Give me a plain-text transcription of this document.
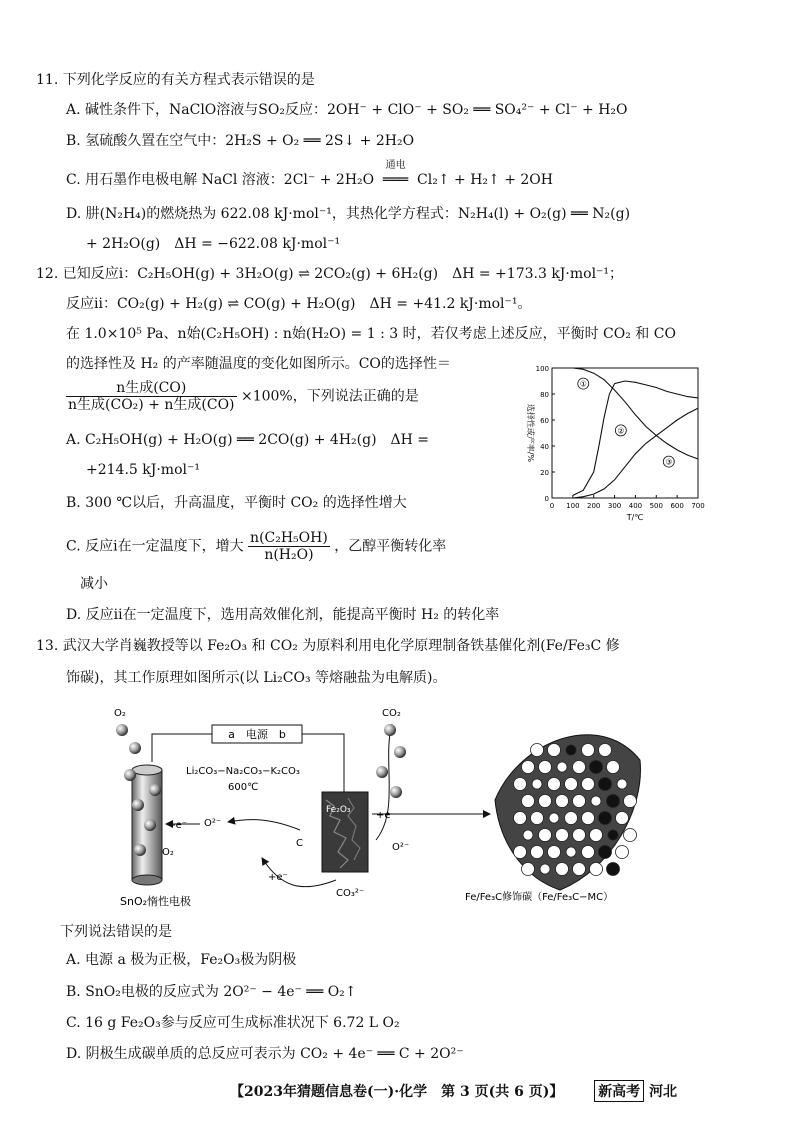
11. 下列化学反应的有关方程式表示错误的是
A. 碱性条件下，NaClO溶液与SO₂反应：2OH⁻ + ClO⁻ + SO₂ ══ SO₄²⁻ + Cl⁻ + H₂O
B. 氢硫酸久置在空气中：2H₂S + O₂ ══ 2S↓ + 2H₂O
C. 用石墨作电极电解 NaCl 溶液：2Cl⁻ + 2H₂O
通电
═══ Cl₂↑ + H₂↑ + 2OH
D. 肼(N₂H₄)的燃烧热为 622.08 kJ·mol⁻¹，其热化学方程式：N₂H₄(l) + O₂(g) ══ N₂(g)
+ 2H₂O(g)　ΔH = −622.08 kJ·mol⁻¹
12. 已知反应ⅰ：C₂H₅OH(g) + 3H₂O(g) ⇌ 2CO₂(g) + 6H₂(g)　ΔH = +173.3 kJ·mol⁻¹；
反应ⅱ：CO₂(g) + H₂(g) ⇌ CO(g) + H₂O(g)　ΔH = +41.2 kJ·mol⁻¹。
在 1.0×10⁵ Pa、n始(C₂H₅OH) : n始(H₂O) = 1 : 3 时，若仅考虑上述反应，平衡时 CO₂ 和 CO
的选择性及 H₂ 的产率随温度的变化如图所示。CO的选择性＝
$\frac{\text{n生成(CO)}}{\text{n生成(CO₂) + n生成(CO)}} \times 100\%$，下列说法正确的是
A. C₂H₅OH(g) + H₂O(g) ══ 2CO(g) + 4H₂(g)　ΔH =
+214.5 kJ·mol⁻¹
B. 300 ℃以后，升高温度，平衡时 CO₂ 的选择性增大
C. 反应ⅰ在一定温度下，增大 $\frac{\text{n(C₂H₅OH)}}{\text{n(H₂O)}}$ ，乙醇平衡转化率
减小
D. 反应ⅱ在一定温度下，选用高效催化剂，能提高平衡时 H₂ 的转化率
0 100 200 300 400 500 600 700
0
20
40
60
80
100
T/℃
选择性或产率/%
①
②
③
13. 武汉大学肖巍教授等以 Fe₂O₃ 和 CO₂ 为原料利用电化学原理制备铁基催化剂(Fe/Fe₃C 修
饰碳)，其工作原理如图所示(以 Li₂CO₃ 等熔融盐为电解质)。
a　电源　b
O₂
O₂
SnO₂惰性电极
Li₂CO₃−Na₂CO₃−K₂CO₃
600℃
-e⁻ O²⁻
C
+e⁻
CO₃²⁻
Fe₂O₃
CO₂
+e
O²⁻
Fe/Fe₃C修饰碳（Fe/Fe₃C−MC）
下列说法错误的是
A. 电源 a 极为正极，Fe₂O₃极为阴极
B. SnO₂电极的反应式为 2O²⁻ − 4e⁻ ══ O₂↑
C. 16 g Fe₂O₃参与反应可生成标准状况下 6.72 L O₂
D. 阴极生成碳单质的总反应可表示为 CO₂ + 4e⁻ ══ C + 2O²⁻
【2023年猜题信息卷(一)·化学　第 3 页(共 6 页)】 新高考 河北
